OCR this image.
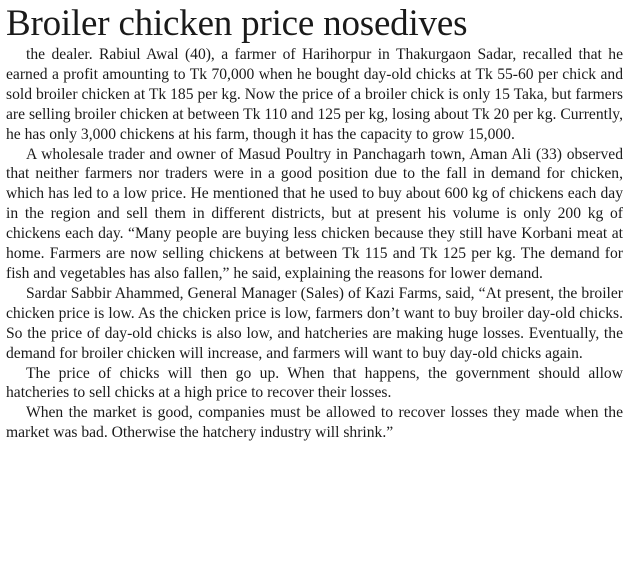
Broiler chicken price nosedives

the dealer. Rabiul Awal (40), a farmer of Harihorpur in Thakurgaon Sadar, recalled that he earned a profit amounting to Tk 70,000 when he bought day-old chicks at Tk 55-60 per chick and sold broiler chicken at Tk 185 per kg. Now the price of a broiler chick is only 15 Taka, but farmers are selling broiler chicken at between Tk 110 and 125 per kg, losing about Tk 20 per kg. Currently, he has only 3,000 chickens at his farm, though it has the capacity to grow 15,000.

A wholesale trader and owner of Masud Poultry in Panchagarh town, Aman Ali (33) observed that neither farmers nor traders were in a good position due to the fall in demand for chicken, which has led to a low price. He mentioned that he used to buy about 600 kg of chickens each day in the region and sell them in different districts, but at present his volume is only 200 kg of chickens each day. “Many people are buying less chicken because they still have Korbani meat at home. Farmers are now selling chickens at between Tk 115 and Tk 125 per kg. The demand for fish and vegetables has also fallen,” he said, explaining the reasons for lower demand.

Sardar Sabbir Ahammed, General Manager (Sales) of Kazi Farms, said, “At present, the broiler chicken price is low. As the chicken price is low, farmers don’t want to buy broiler day-old chicks. So the price of day-old chicks is also low, and hatcheries are making huge losses. Eventually, the demand for broiler chicken will increase, and farmers will want to buy day-old chicks again.

The price of chicks will then go up. When that happens, the government should allow hatcheries to sell chicks at a high price to recover their losses.

When the market is good, companies must be allowed to recover losses they made when the market was bad. Otherwise the hatchery industry will shrink.”
